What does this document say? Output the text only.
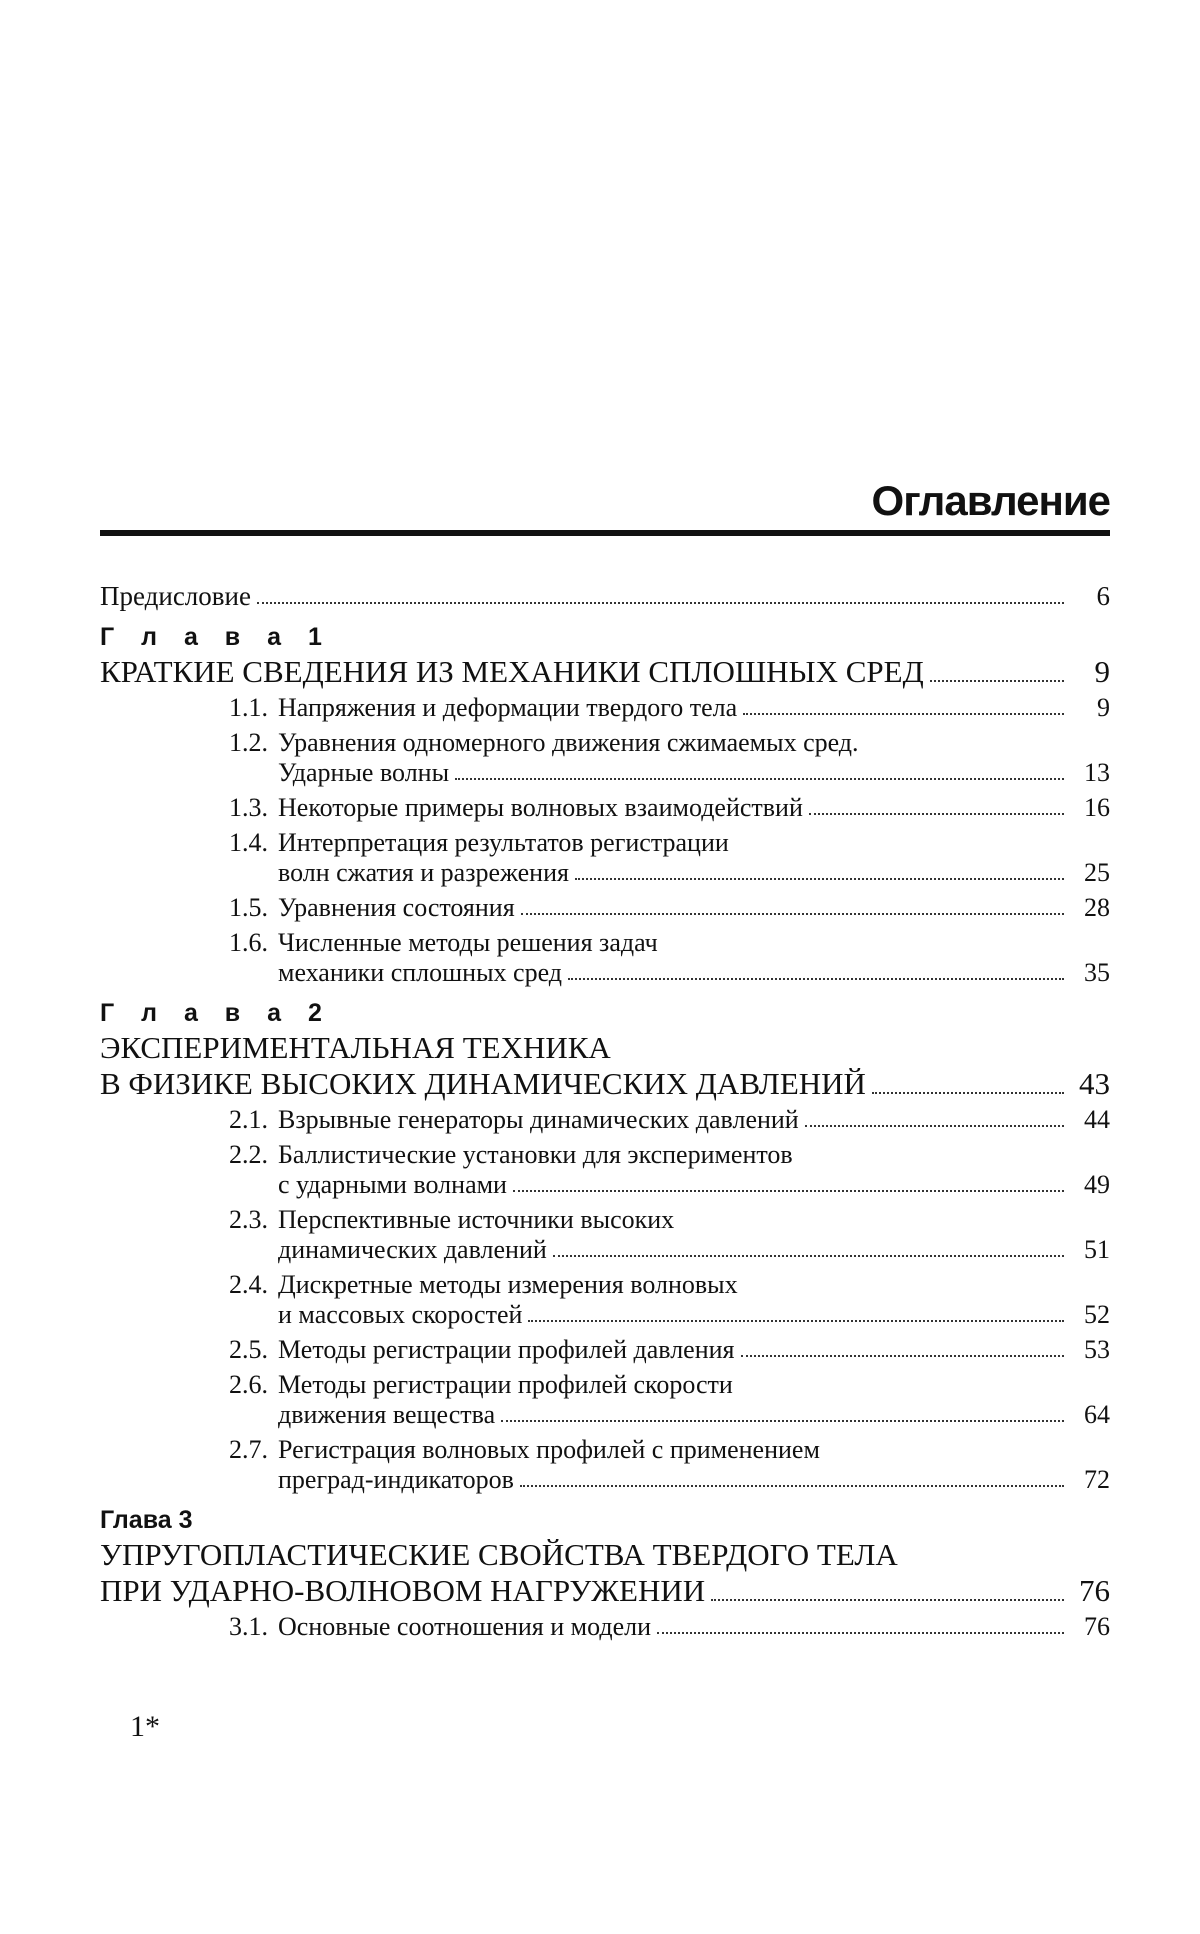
Оглавление
Предисловие	6
Г л а в а 1
КРАТКИЕ СВЕДЕНИЯ ИЗ МЕХАНИКИ СПЛОШНЫХ СРЕД	9
1.1. Напряжения и деформации твердого тела	9
1.2. Уравнения одномерного движения сжимаемых сред.
Ударные волны	13
1.3. Некоторые примеры волновых взаимодействий	16
1.4. Интерпретация результатов регистрации
волн сжатия и разрежения	25
1.5. Уравнения состояния	28
1.6. Численные методы решения задач
механики сплошных сред	35
Г л а в а 2
ЭКСПЕРИМЕНТАЛЬНАЯ ТЕХНИКА
В ФИЗИКЕ ВЫСОКИХ ДИНАМИЧЕСКИХ ДАВЛЕНИЙ	43
2.1. Взрывные генераторы динамических давлений	44
2.2. Баллистические установки для экспериментов
с ударными волнами	49
2.3. Перспективные источники высоких
динамических давлений	51
2.4. Дискретные методы измерения волновых
и массовых скоростей	52
2.5. Методы регистрации профилей давления	53
2.6. Методы регистрации профилей скорости
движения вещества	64
2.7. Регистрация волновых профилей с применением
преград-индикаторов	72
Глава 3
УПРУГОПЛАСТИЧЕСКИЕ СВОЙСТВА ТВЕРДОГО ТЕЛА
ПРИ УДАРНО-ВОЛНОВОМ НАГРУЖЕНИИ	76
3.1. Основные соотношения и модели	76
1*
